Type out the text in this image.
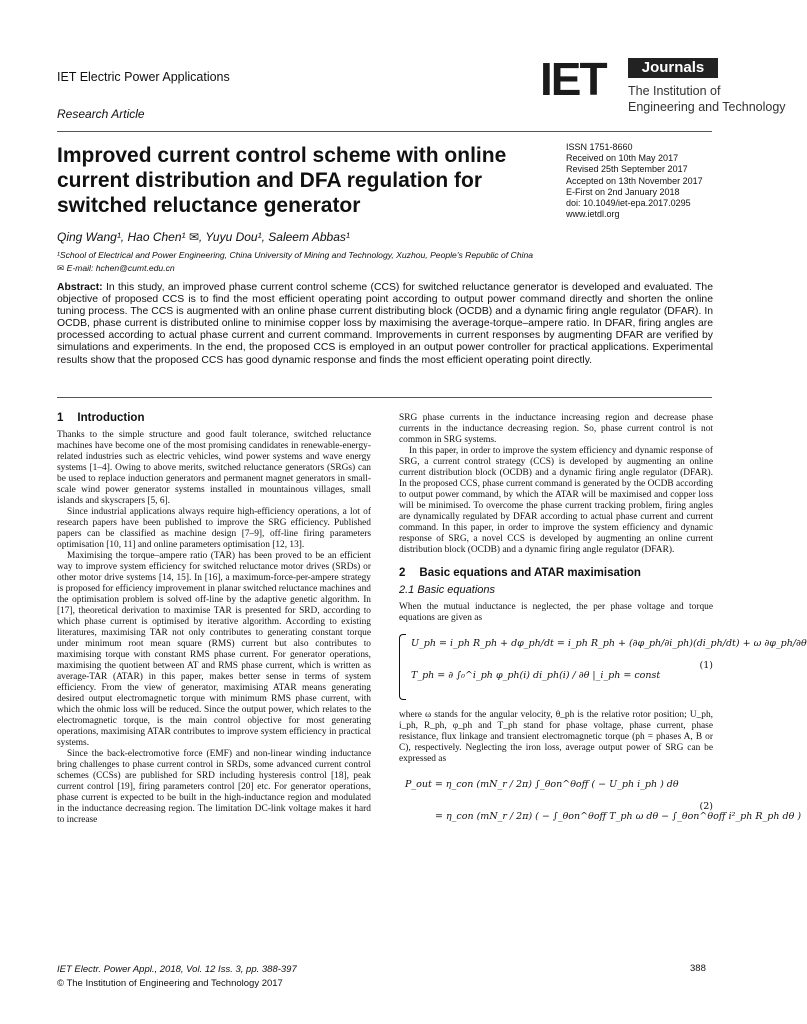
IET Electric Power Applications
Research Article
IET	Journals
The Institution of
Engineering and Technology
Improved current control scheme with online current distribution and DFA regulation for switched reluctance generator
ISSN 1751-8660
Received on 10th May 2017
Revised 25th September 2017
Accepted on 13th November 2017
E-First on 2nd January 2018
doi: 10.1049/iet-epa.2017.0295
www.ietdl.org
Qing Wang¹, Hao Chen¹ ✉, Yuyu Dou¹, Saleem Abbas¹
¹School of Electrical and Power Engineering, China University of Mining and Technology, Xuzhou, People's Republic of China
✉ E-mail: hchen@cumt.edu.cn
Abstract: In this study, an improved phase current control scheme (CCS) for switched reluctance generator is developed and evaluated. The objective of proposed CCS is to find the most efficient operating point according to output power command directly and shorten the online tuning process. The CCS is augmented with an online phase current distributing block (OCDB) and a dynamic firing angle regulator (DFAR). In OCDB, phase current is distributed online to minimise copper loss by maximising the average-torque–ampere ratio. In DFAR, firing angles are processed according to actual phase current and current command. Improvements in current responses by augmenting DFAR are verified by simulations and experiments. In the end, the proposed CCS is employed in an output power controller for practical applications. Experimental results show that the proposed CCS has good dynamic response and finds the most efficient operating point directly.
1 Introduction

Thanks to the simple structure and good fault tolerance, switched reluctance machines have become one of the most promising candidates in renewable-energy-related industries such as electric vehicles, wind power systems and wave energy systems [1–4]. Owing to above merits, switched reluctance generators (SRGs) can be used to replace induction generators and permanent magnet generators in small-scale wind power generator systems installed in mountainous villages, small islands and skyscrapers [5, 6].

Since industrial applications always require high-efficiency operations, a lot of research papers have been published to improve the SRG efficiency. Published papers can be classified as machine design [7–9], off-line firing parameters optimisation [10, 11] and online parameters optimisation [12, 13].

Maximising the torque–ampere ratio (TAR) has been proved to be an efficient way to improve system efficiency for switched reluctance motor drives (SRDs) or other motor drive systems [14, 15]. In [16], a maximum-force-per-ampere strategy is proposed for efficiency improvement in planar switched reluctance machines and the optimisation problem is solved off-line by the adaptive genetic algorithm. In [17], theoretical derivation to maximise TAR is presented for SRD, according to which phase current is optimised by iterative algorithm. According to existing literatures, maximising TAR not only contributes to generating constant torque under minimum root mean square (RMS) current but also contributes to maximising torque with constant RMS phase current. For generator operations, maximising the quotient between AT and RMS phase current, which is written as average-TAR (ATAR) in this paper, makes better sense in terms of system efficiency. From the view of generator, maximising ATAR means generating desired output electromagnetic torque with minimum RMS phase current, with which the ohmic loss will be reduced. Since the output power, which relates to the electromagnetic torque, is the main control objective for most generating operations, maximising ATAR contributes to improve system efficiency in practical systems.

Since the back-electromotive force (EMF) and non-linear winding inductance bring challenges to phase current control in SRDs, some advanced current control schemes (CCSs) are published for SRD including hysteresis control [18], peak current control [19], firing parameters control [20] etc. For generator operations, phase current is expected to be built in the high-inductance region and modulated in the inductance decreasing region. The limitation DC-link voltage makes it hard to increase

SRG phase currents in the inductance increasing region and decrease phase currents in the inductance decreasing region. So, phase current control is not common in SRG systems.

In this paper, in order to improve the system efficiency and dynamic response of SRG, a current control strategy (CCS) is developed by augmenting an online current distribution block (OCDB) and a dynamic firing angle regulator (DFAR). In the proposed CCS, phase current command is generated by the OCDB according to output power command, by which the ATAR will be maximised and copper loss will be minimised. To overcome the phase current tracking problem, firing angles are dynamically regulated by DFAR according to actual phase current and current command. In this paper, in order to improve the system efficiency and dynamic response of SRG, a novel CCS is developed by augmenting an online current distribution block (OCDB) and a dynamic firing angle regulator (DFAR).

2 Basic equations and ATAR maximisation
2.1 Basic equations

When the mutual inductance is neglected, the per phase voltage and torque equations are given as

U_ph = i_ph R_ph + dφ_ph/dt = i_ph R_ph + (∂φ_ph/∂i_ph)(di_ph/dt) + ω ∂φ_ph/∂θ
T_ph = ∂ ∫₀^i_ph φ_ph(i) di_ph(i) / ∂θ |_i_ph = const
(1)

where ω stands for the angular velocity, θ_ph is the relative rotor position; U_ph, i_ph, R_ph, φ_ph and T_ph stand for phase voltage, phase current, phase resistance, flux linkage and transient electromagnetic torque (ph = phases A, B or C), respectively. Neglecting the iron loss, average output power of SRG can be expressed as

P_out = η_con (mN_r / 2π) ∫_θon^θoff ( − U_ph i_ph ) dθ
= η_con (mN_r / 2π) ( − ∫_θon^θoff T_ph ω dθ − ∫_θon^θoff i²_ph R_ph dθ )
(2)
IET Electr. Power Appl., 2018, Vol. 12 Iss. 3, pp. 388-397
© The Institution of Engineering and Technology 2017
388
